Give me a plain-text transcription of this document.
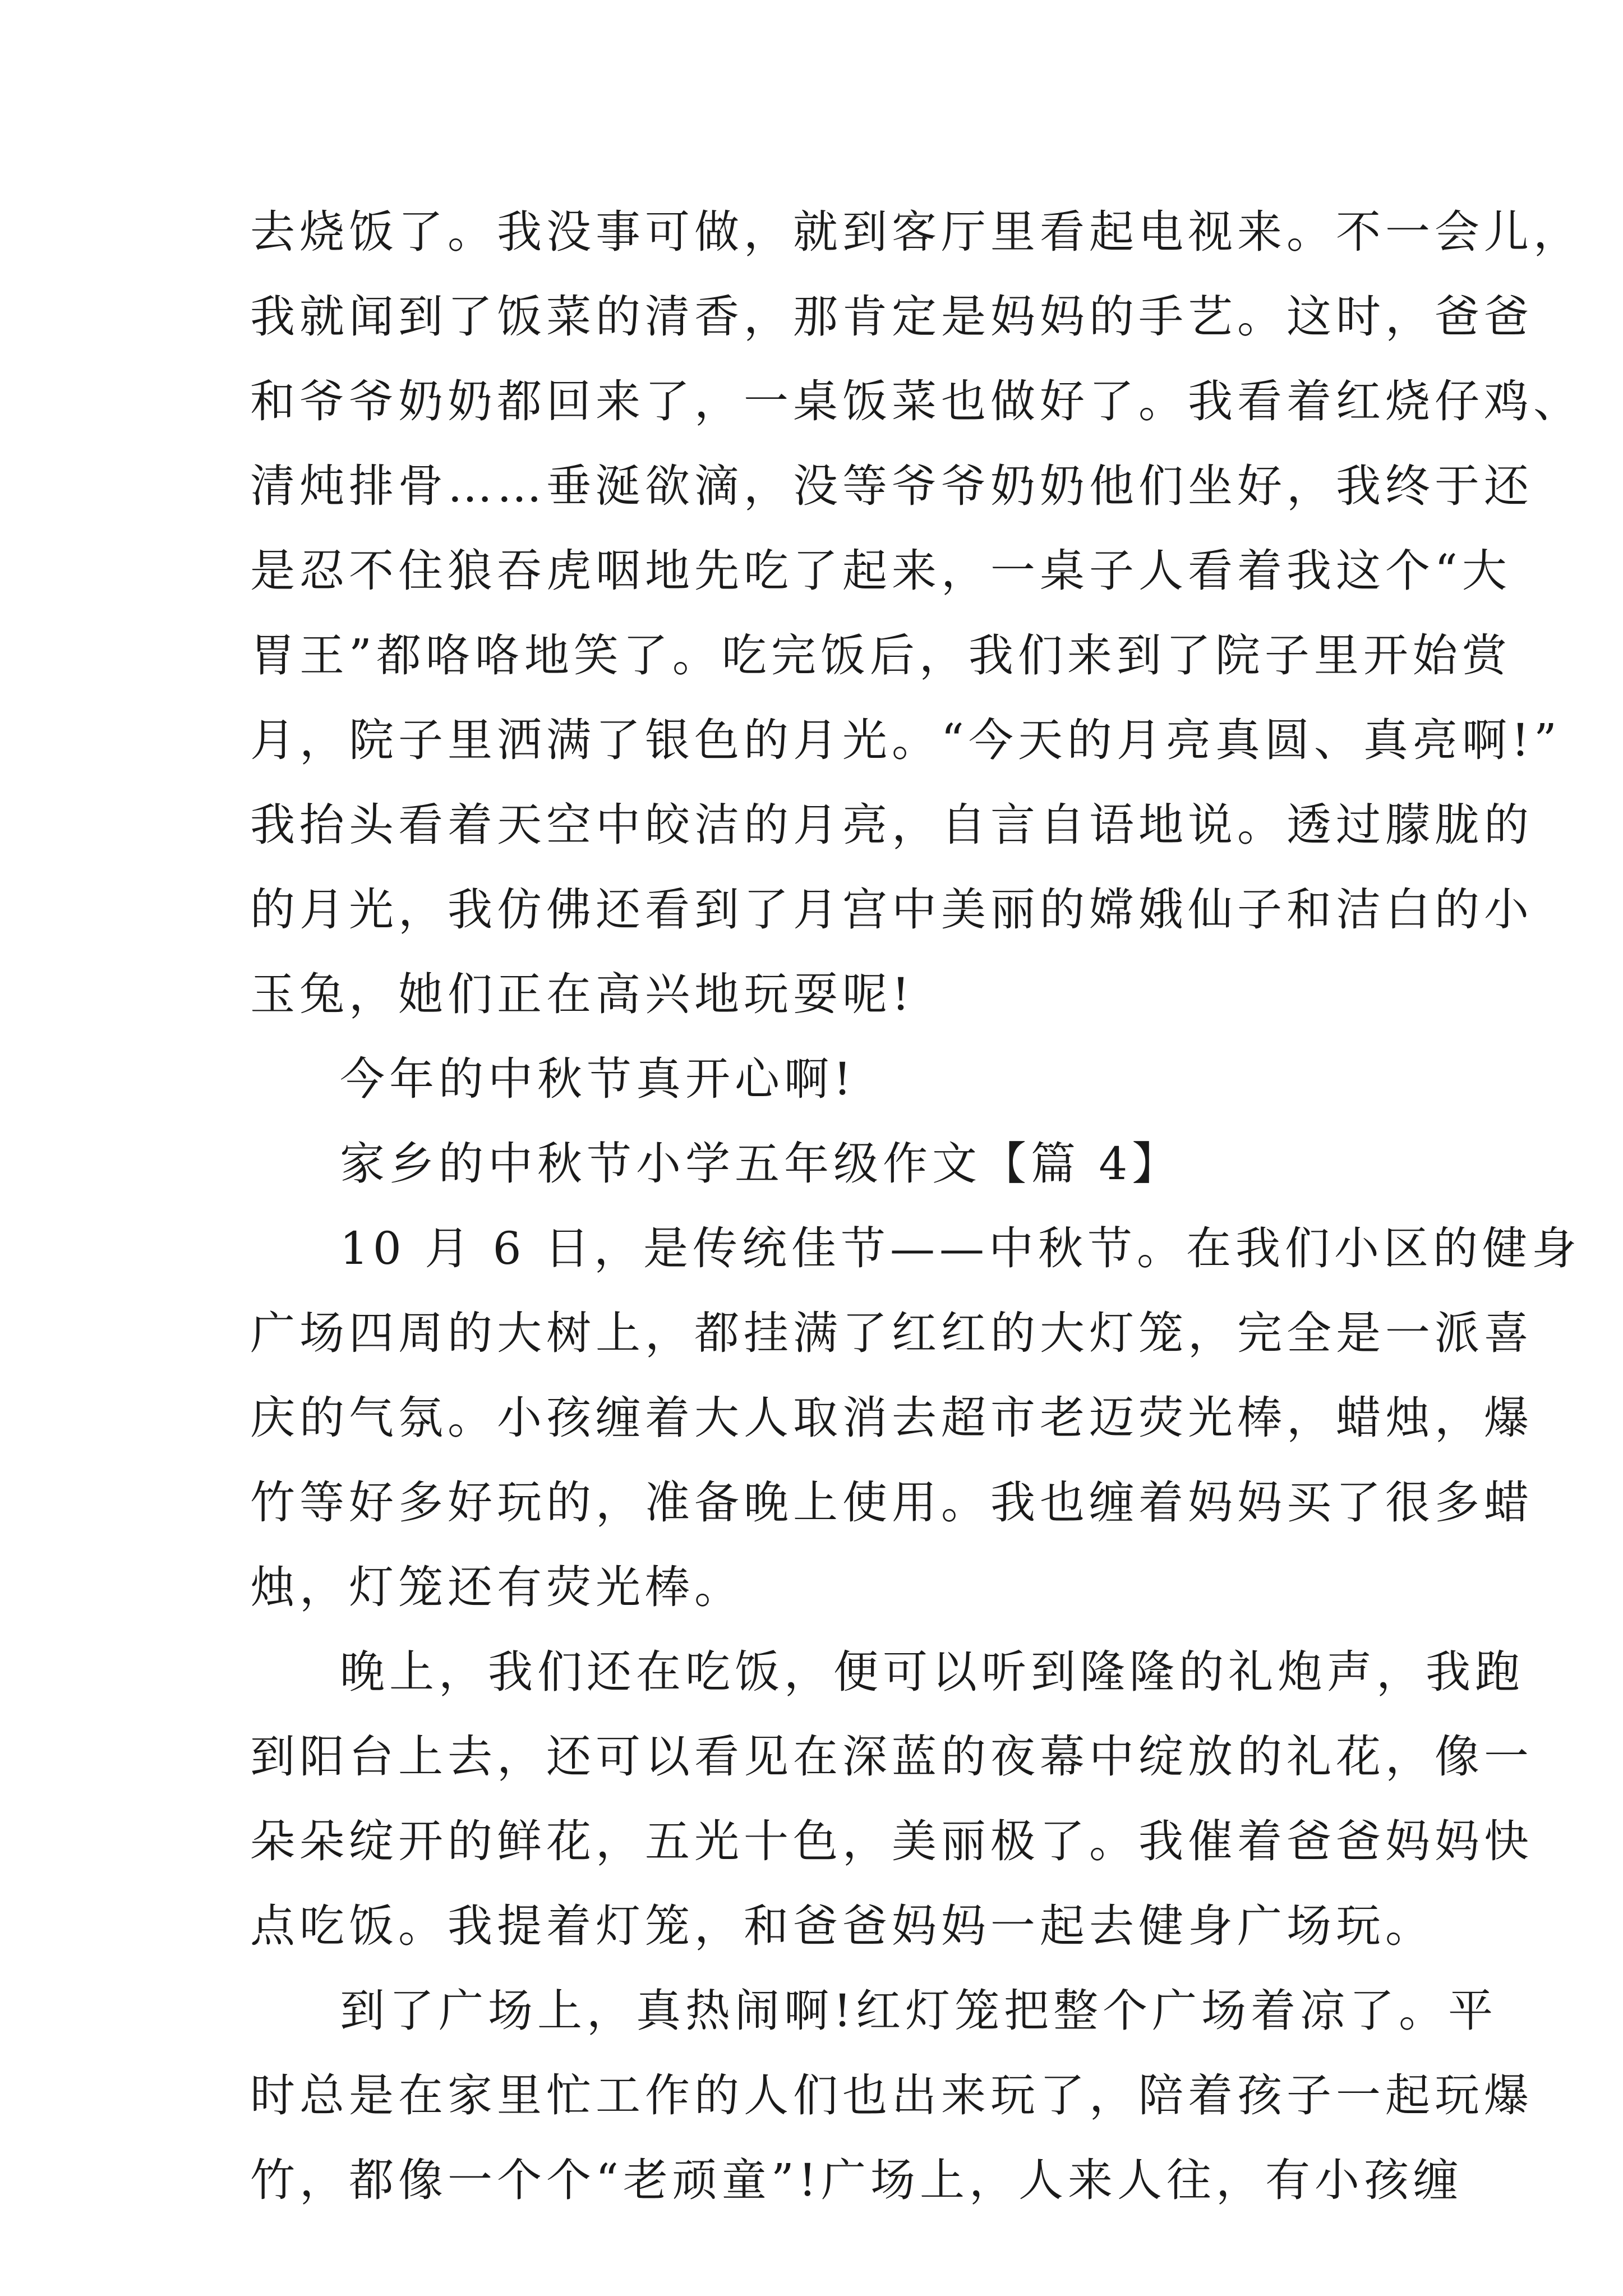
去烧饭了。我没事可做，就到客厅里看起电视来。不一会儿，
我就闻到了饭菜的清香，那肯定是妈妈的手艺。这时，爸爸
和爷爷奶奶都回来了，一桌饭菜也做好了。我看着红烧仔鸡、
清炖排骨……垂涎欲滴，没等爷爷奶奶他们坐好，我终于还
是忍不住狼吞虎咽地先吃了起来，一桌子人看着我这个“大
胃王”都咯咯地笑了。吃完饭后，我们来到了院子里开始赏
月，院子里洒满了银色的月光。“今天的月亮真圆、真亮啊!”
我抬头看着天空中皎洁的月亮，自言自语地说。透过朦胧的
的月光，我仿佛还看到了月宫中美丽的嫦娥仙子和洁白的小
玉兔，她们正在高兴地玩耍呢!
今年的中秋节真开心啊!
家乡的中秋节小学五年级作文【篇 4】
10 月 6 日，是传统佳节——中秋节。在我们小区的健身
广场四周的大树上，都挂满了红红的大灯笼，完全是一派喜
庆的气氛。小孩缠着大人取消去超市老迈荧光棒，蜡烛，爆
竹等好多好玩的，准备晚上使用。我也缠着妈妈买了很多蜡
烛，灯笼还有荧光棒。
晚上，我们还在吃饭，便可以听到隆隆的礼炮声，我跑
到阳台上去，还可以看见在深蓝的夜幕中绽放的礼花，像一
朵朵绽开的鲜花，五光十色，美丽极了。我催着爸爸妈妈快
点吃饭。我提着灯笼，和爸爸妈妈一起去健身广场玩。
到了广场上，真热闹啊!红灯笼把整个广场着凉了。平
时总是在家里忙工作的人们也出来玩了，陪着孩子一起玩爆
竹，都像一个个“老顽童”!广场上，人来人往，有小孩缠
